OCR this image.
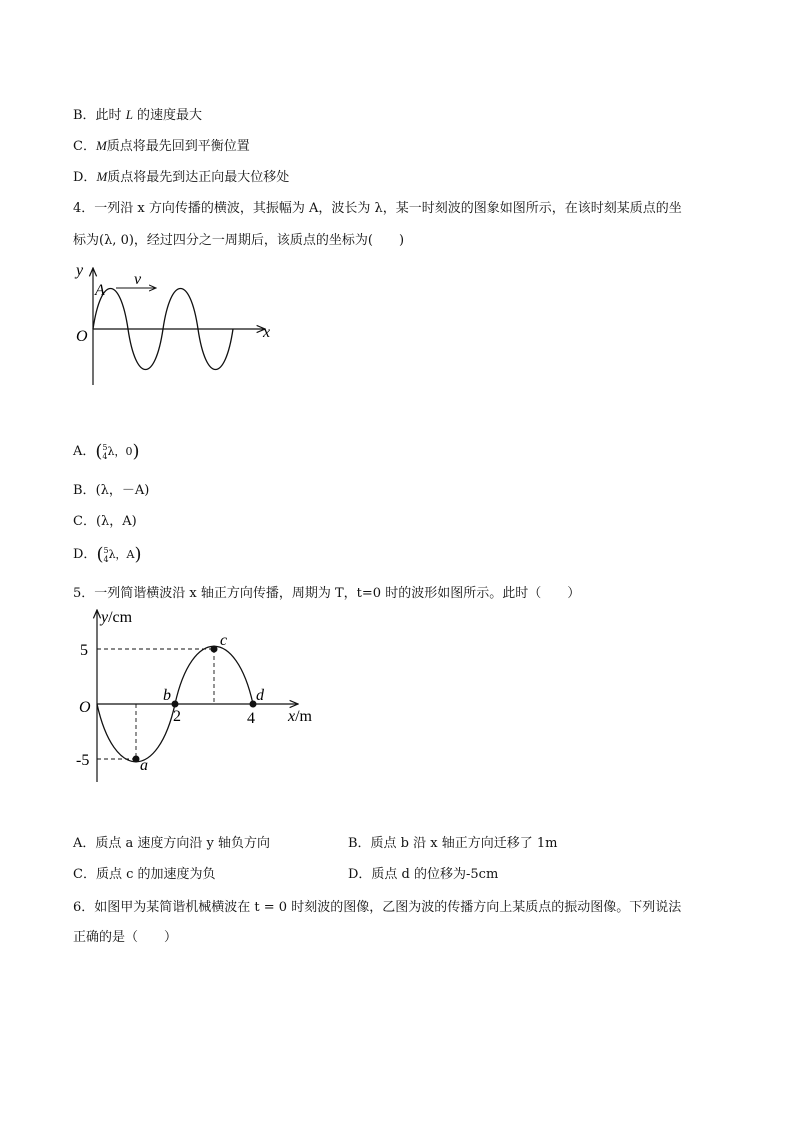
B．此时 L 的速度最大
C．M质点将最先回到平衡位置
D．M质点将最先到达正向最大位移处
4．一列沿 x 方向传播的横波，其振幅为 A，波长为 λ，某一时刻波的图象如图所示，在该时刻某质点的坐
标为(λ, 0)，经过四分之一周期后，该质点的坐标为(　　)
y
x
O
A
v
A．( 5
4 λ，0)
B．(λ，－A)
C．(λ，A)
D．( 5
4 λ，A)
5．一列简谐横波沿 x 轴正方向传播，周期为 T，t=0 时的波形如图所示。此时（　　）
y/cm
x/m
O
5
-5
2	4
a
b
c
d
A．质点 a 速度方向沿 y 轴负方向	B．质点 b 沿 x 轴正方向迁移了 1m
C．质点 c 的加速度为负	D．质点 d 的位移为-5cm
6．如图甲为某简谐机械横波在 t = 0 时刻波的图像，乙图为波的传播方向上某质点的振动图像。下列说法
正确的是（　　）
